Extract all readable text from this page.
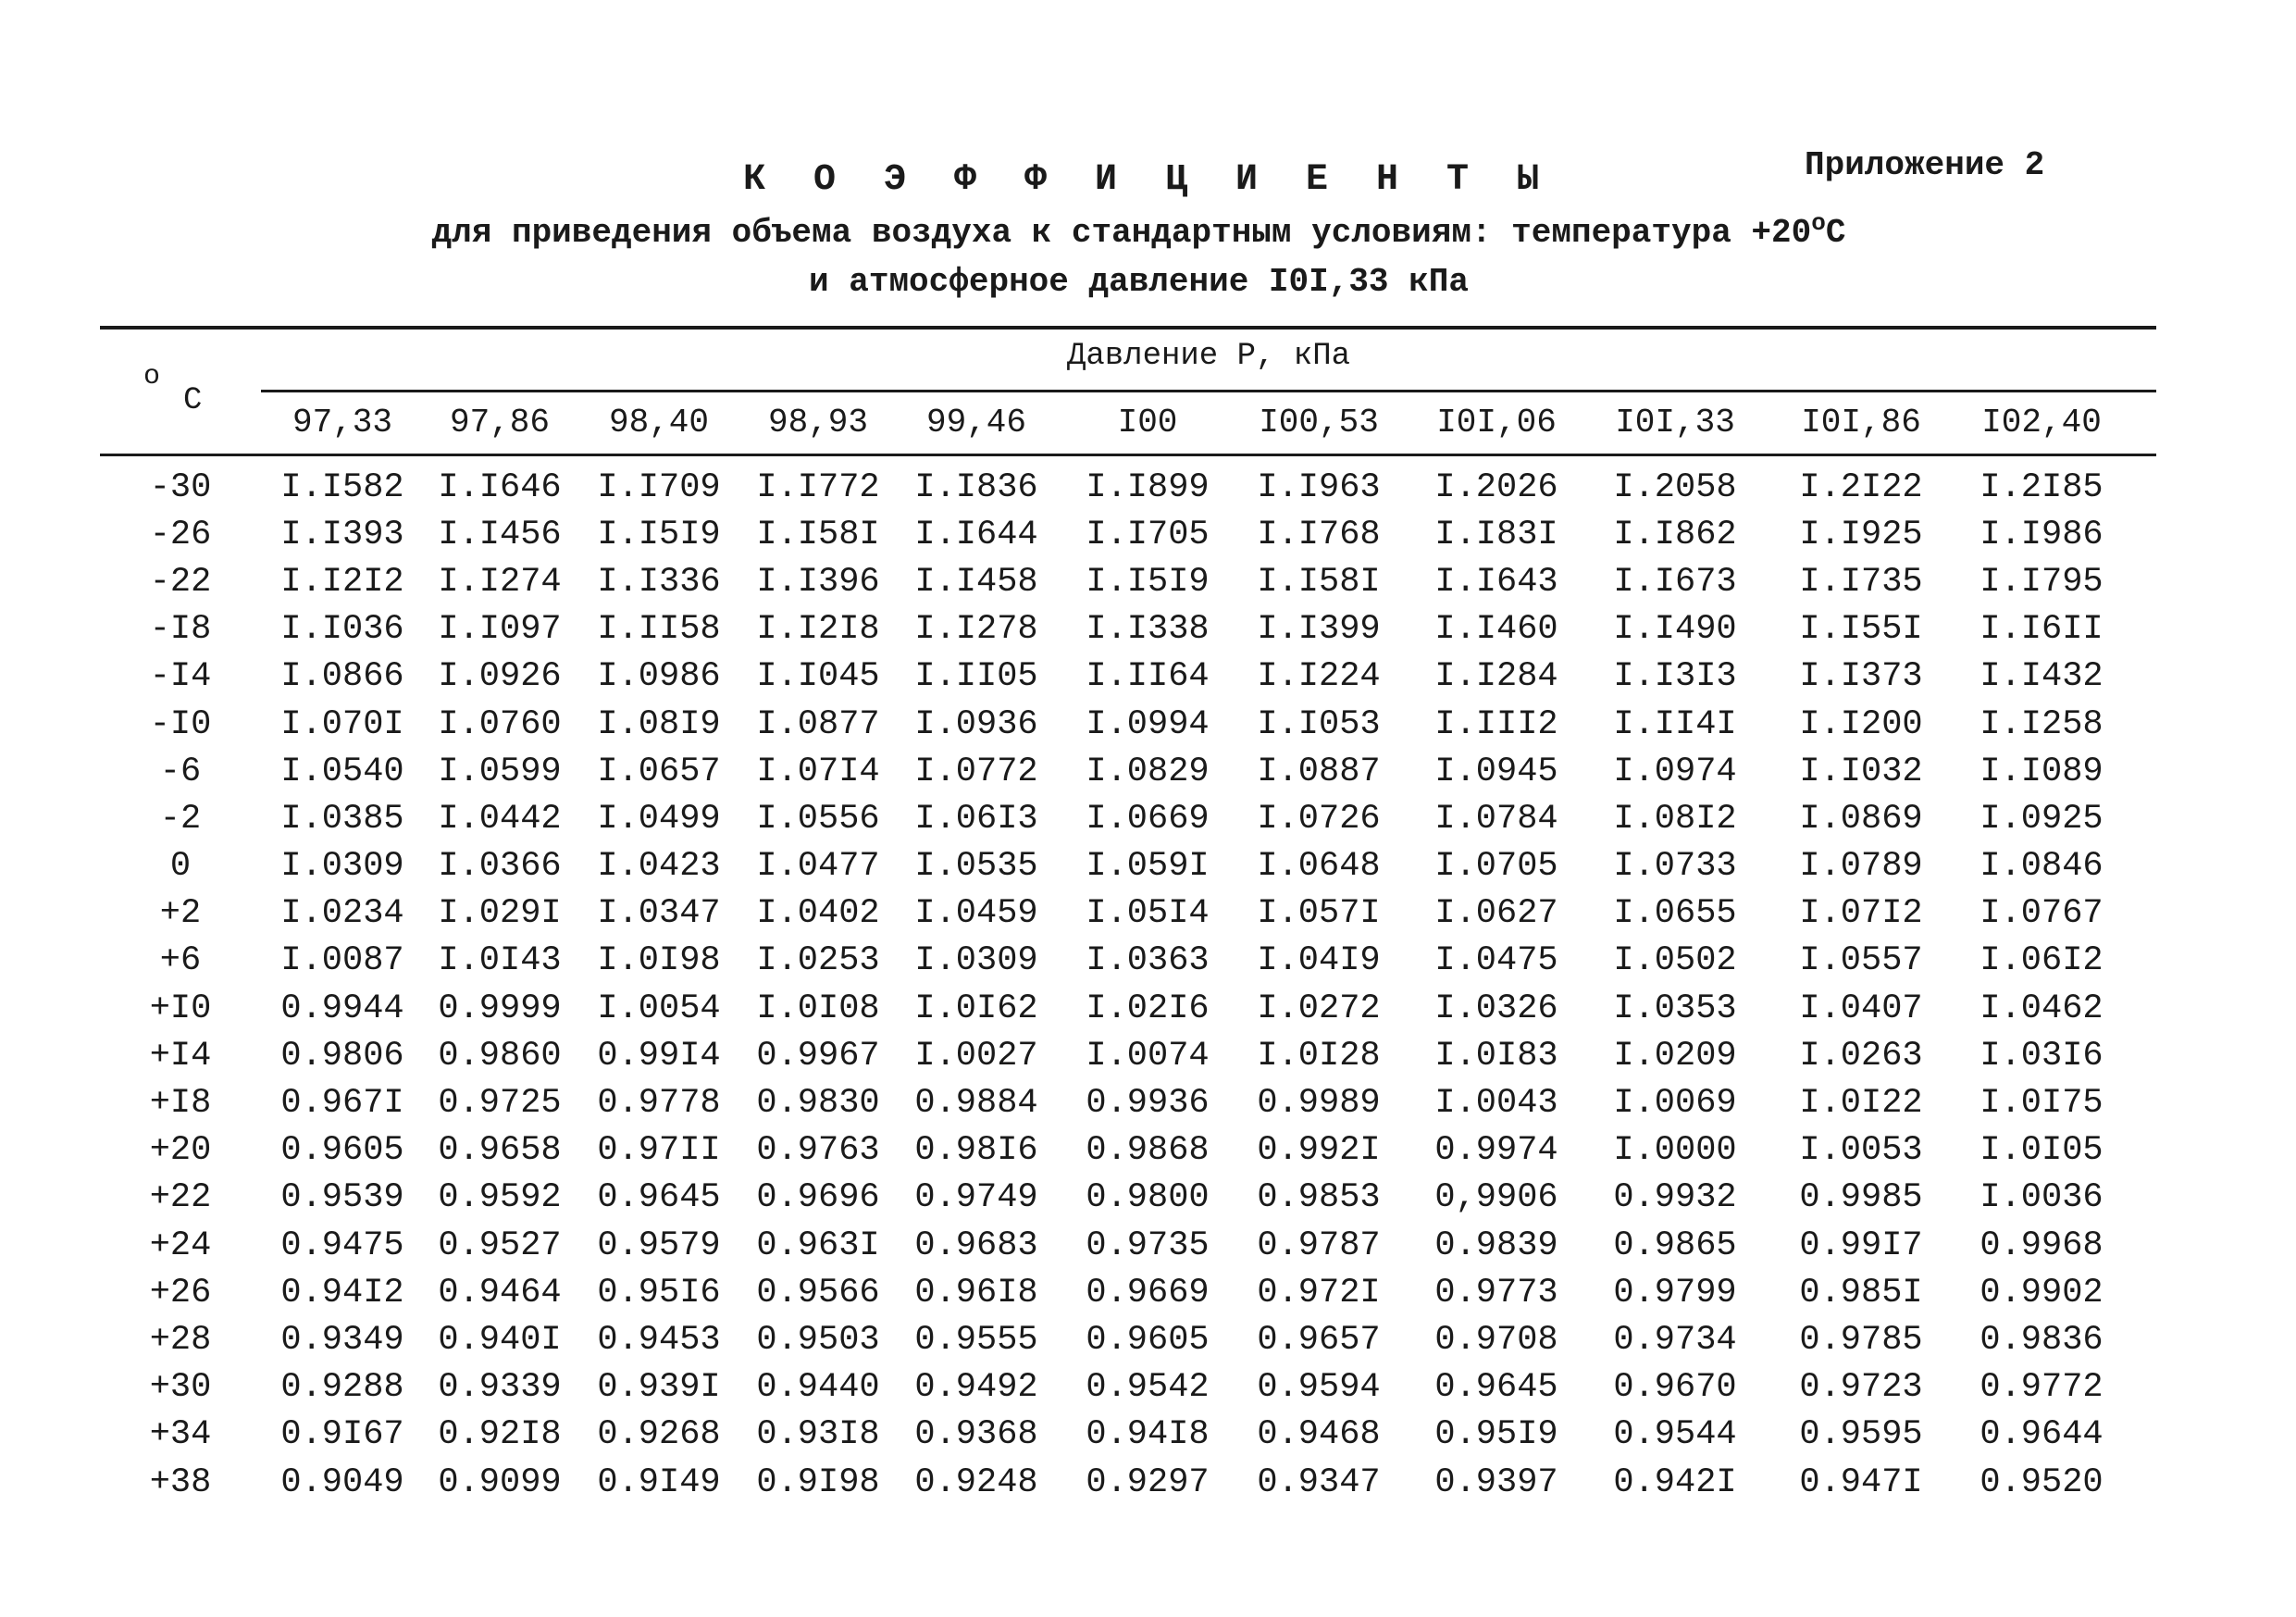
Приложение 2
К О Э Ф Ф И Ц И Е Н Т Ы
для приведения объема воздуха к стандартным условиям: температура $+20^оС$
и атмосферное давление I0I,33 кПа
о
С
Давление Р, кПа
97,33	97,86	98,40	98,93	99,46	I00	I00,53	I0I,06	I0I,33	I0I,86	I02,40
-30	I.I582 I.I646	I.I709	I.I772	I.I836	I.I899	I.I963	I.2026	I.2058	I.2I22	I.2I85
-26	I.I393 I.I456	I.I5I9	I.I58I	I.I644	I.I705	I.I768	I.I83I	I.I862	I.I925	I.I986
-22	I.I2I2 I.I274	I.I336	I.I396	I.I458	I.I5I9	I.I58I	I.I643	I.I673	I.I735	I.I795
-I8	I.I036 I.I097	I.II58	I.I2I8	I.I278	I.I338	I.I399	I.I460	I.I490	I.I55I	I.I6II
-I4	I.0866 I.0926	I.0986	I.I045	I.II05	I.II64	I.I224	I.I284	I.I3I3	I.I373	I.I432
-I0	I.070I I.0760	I.08I9	I.0877	I.0936	I.0994	I.I053	I.III2	I.II4I	I.I200	I.I258
-6	I.0540 I.0599	I.0657	I.07I4	I.0772	I.0829	I.0887	I.0945	I.0974	I.I032	I.I089
-2	I.0385 I.0442	I.0499	I.0556	I.06I3	I.0669	I.0726	I.0784	I.08I2	I.0869	I.0925
0	I.0309 I.0366	I.0423	I.0477	I.0535	I.059I	I.0648	I.0705	I.0733	I.0789	I.0846
+2	I.0234 I.029I	I.0347	I.0402	I.0459	I.05I4	I.057I	I.0627	I.0655	I.07I2	I.0767
+6	I.0087 I.0I43	I.0I98	I.0253	I.0309	I.0363	I.04I9	I.0475	I.0502	I.0557	I.06I2
+I0	0.9944 0.9999	I.0054	I.0I08	I.0I62	I.02I6	I.0272	I.0326	I.0353	I.0407	I.0462
+I4	0.9806 0.9860	0.99I4	0.9967	I.0027	I.0074	I.0I28	I.0I83	I.0209	I.0263	I.03I6
+I8	0.967I 0.9725	0.9778	0.9830	0.9884	0.9936	0.9989	I.0043	I.0069	I.0I22	I.0I75
+20	0.9605 0.9658	0.97II	0.9763	0.98I6	0.9868	0.992I	0.9974	I.0000	I.0053	I.0I05
+22	0.9539 0.9592	0.9645	0.9696	0.9749	0.9800	0.9853	0,9906	0.9932	0.9985	I.0036
+24	0.9475 0.9527	0.9579	0.963I	0.9683	0.9735	0.9787	0.9839	0.9865	0.99I7	0.9968
+26	0.94I2 0.9464	0.95I6	0.9566	0.96I8	0.9669	0.972I	0.9773	0.9799	0.985I	0.9902
+28	0.9349 0.940I	0.9453	0.9503	0.9555	0.9605	0.9657	0.9708	0.9734	0.9785	0.9836
+30	0.9288 0.9339	0.939I	0.9440	0.9492	0.9542	0.9594	0.9645	0.9670	0.9723	0.9772
+34	0.9I67 0.92I8	0.9268	0.93I8	0.9368	0.94I8	0.9468	0.95I9	0.9544	0.9595	0.9644
+38	0.9049 0.9099	0.9I49	0.9I98	0.9248	0.9297	0.9347	0.9397	0.942I	0.947I	0.9520
